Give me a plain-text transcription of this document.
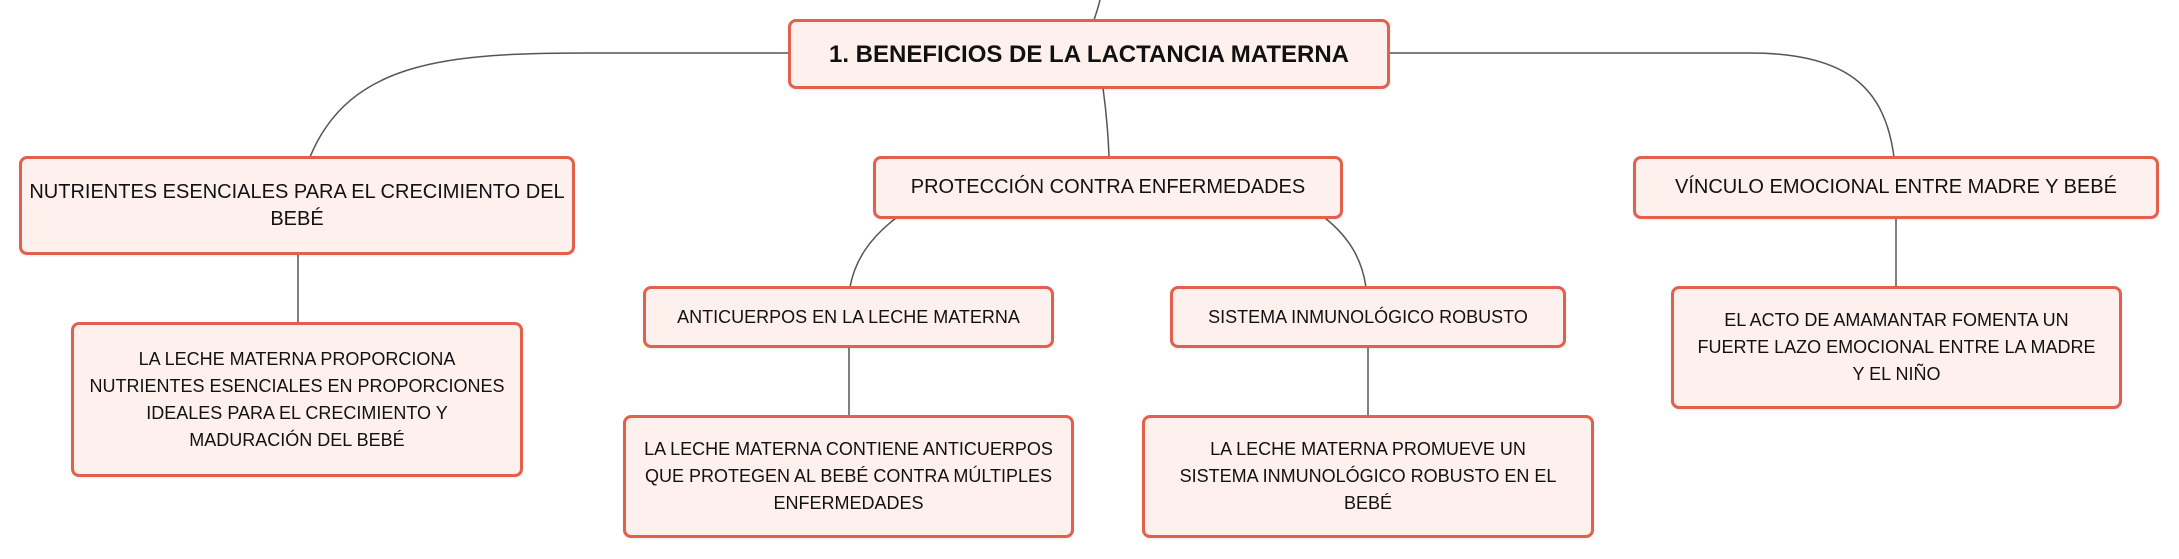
1. BENEFICIOS DE LA LACTANCIA MATERNA
NUTRIENTES ESENCIALES PARA EL CRECIMIENTO DEL BEBÉ
LA LECHE MATERNA PROPORCIONA NUTRIENTES ESENCIALES EN PROPORCIONES IDEALES PARA EL CRECIMIENTO Y MADURACIÓN DEL BEBÉ
PROTECCIÓN CONTRA ENFERMEDADES
ANTICUERPOS EN LA LECHE MATERNA
LA LECHE MATERNA CONTIENE ANTICUERPOS QUE PROTEGEN AL BEBÉ CONTRA MÚLTIPLES ENFERMEDADES
SISTEMA INMUNOLÓGICO ROBUSTO
LA LECHE MATERNA PROMUEVE UN SISTEMA INMUNOLÓGICO ROBUSTO EN EL BEBÉ
VÍNCULO EMOCIONAL ENTRE MADRE Y BEBÉ
EL ACTO DE AMAMANTAR FOMENTA UN FUERTE LAZO EMOCIONAL ENTRE LA MADRE Y EL NIÑO
